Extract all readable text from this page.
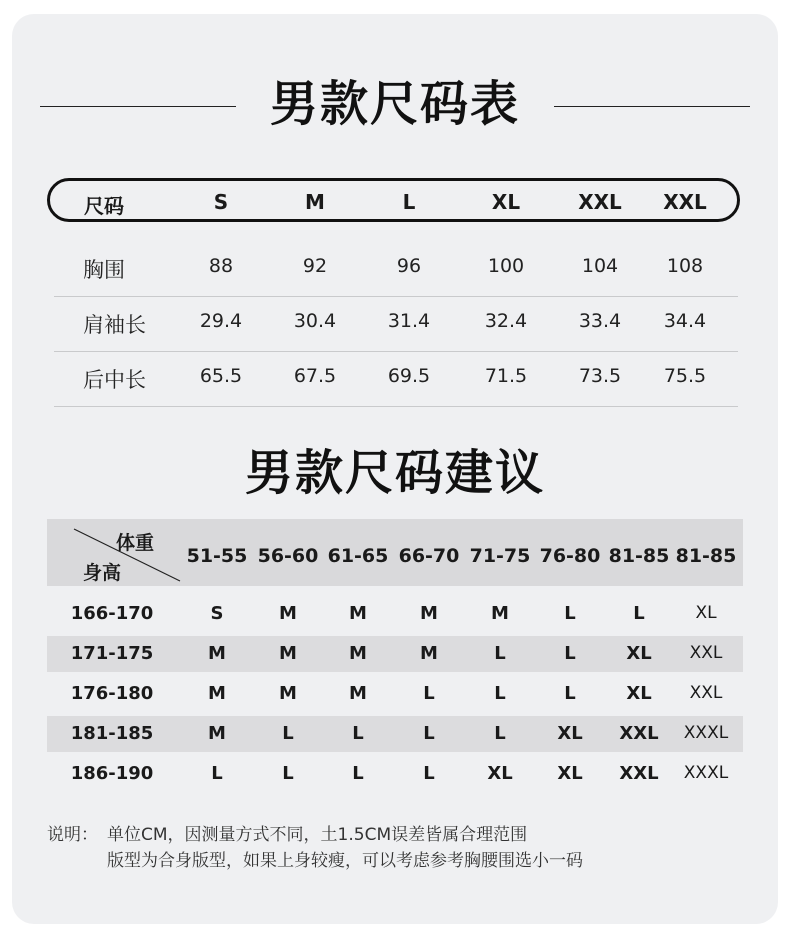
男款尺码表
尺码	S	M	L	XL	XXL XXL
胸围	88	92	96	100	104	108
肩袖长	29.4	30.4	31.4	32.4	33.4 34.4
后中长	65.5	67.5	69.5	71.5	73.5 75.5
男款尺码建议
体重
身高
51-55 56-60 61-65 66-70 71-75 76-80 81-85 81-85
166-170	S	M	M	M	M	L	L	XL
171-175	M	M	M	M	L	L	XL XXL
176-180	M	M	M	L	L	L	XL XXL
181-185	M	L	L	L	L	XL XXL XXXL
186-190	L	L	L	L	XL XL XXL XXXL
说明： 单位CM，因测量方式不同，土1.5CM误差皆属合理范围
版型为合身版型，如果上身较瘦，可以考虑参考胸腰围选小一码
